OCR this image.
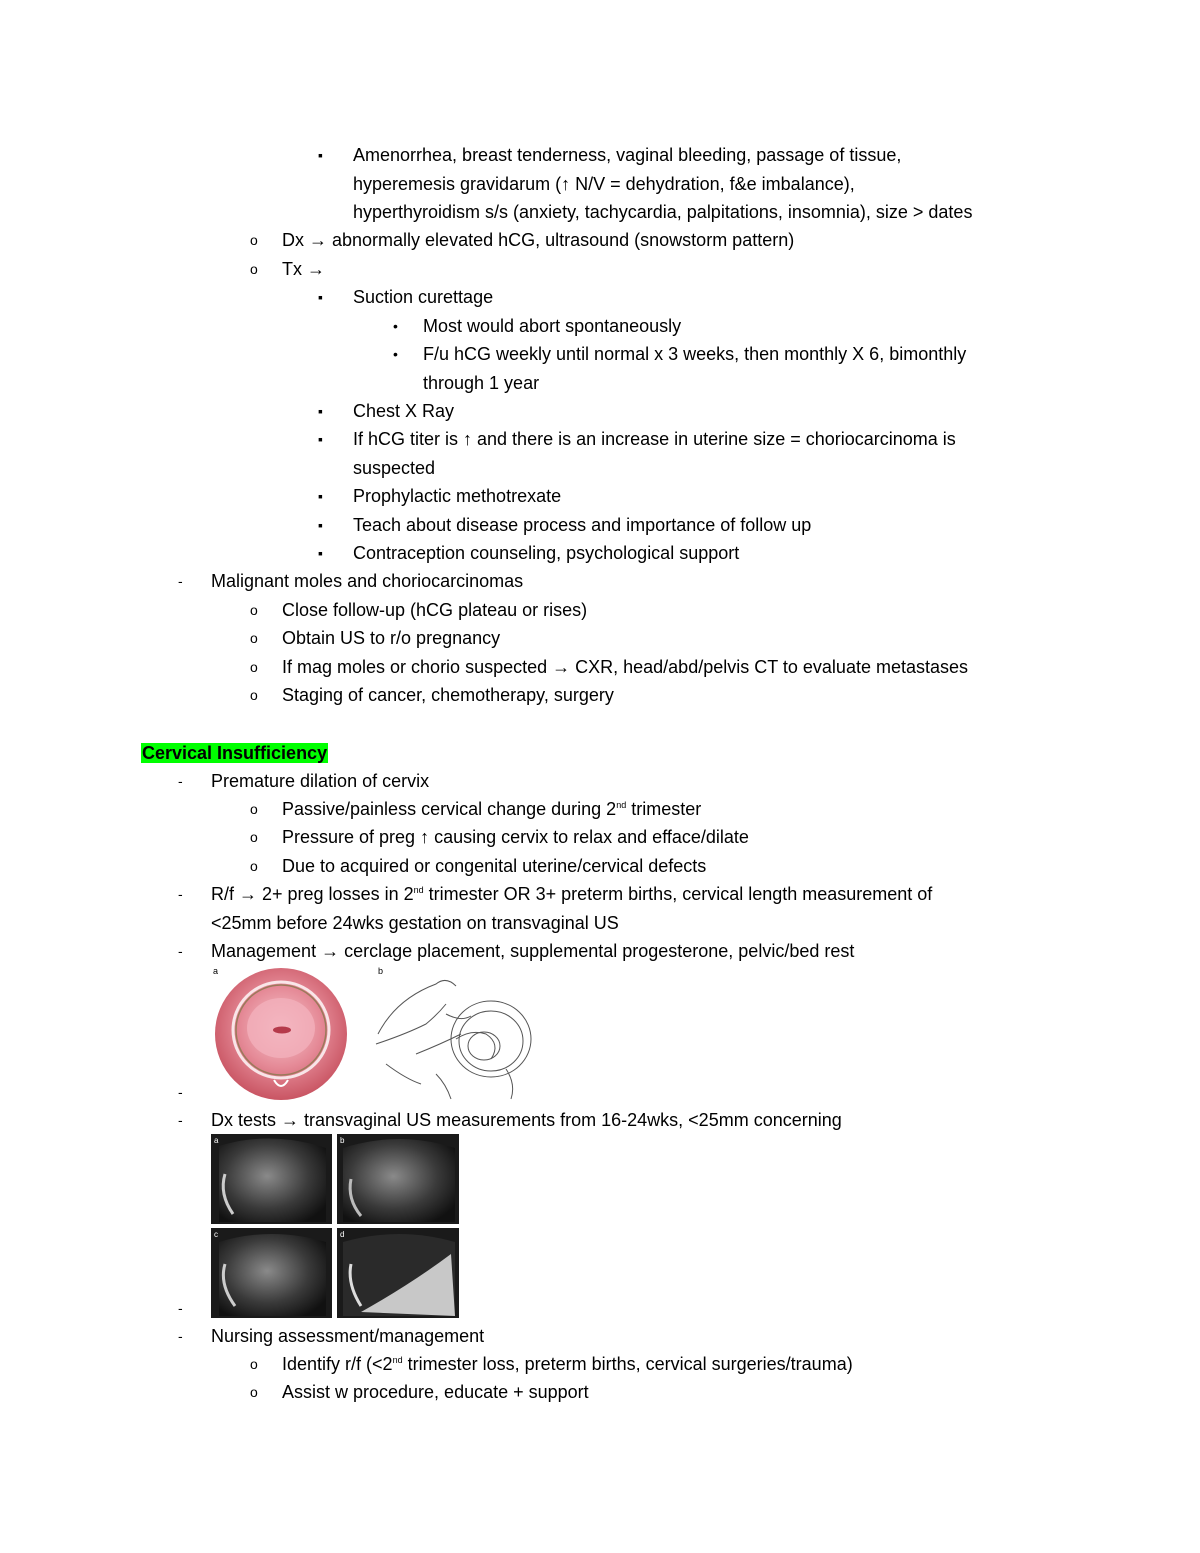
▪ Amenorrhea, breast tenderness, vaginal bleeding, passage of tissue,
hyperemesis gravidarum (↑ N/V = dehydration, f&e imbalance),
hyperthyroidism s/s (anxiety, tachycardia, palpitations, insomnia), size > dates
o Dx → abnormally elevated hCG, ultrasound (snowstorm pattern)
o Tx →
▪ Suction curettage
• Most would abort spontaneously
• F/u hCG weekly until normal x 3 weeks, then monthly X 6, bimonthly
through 1 year
▪ Chest X Ray
▪ If hCG titer is ↑ and there is an increase in uterine size = choriocarcinoma is
suspected
▪ Prophylactic methotrexate
▪ Teach about disease process and importance of follow up
▪ Contraception counseling, psychological support
- Malignant moles and choriocarcinomas
o Close follow-up (hCG plateau or rises)
o Obtain US to r/o pregnancy
o If mag moles or chorio suspected → CXR, head/abd/pelvis CT to evaluate metastases
o Staging of cancer, chemotherapy, surgery
Cervical Insufficiency
- Premature dilation of cervix
o Passive/painless cervical change during 2nd trimester
o Pressure of preg ↑ causing cervix to relax and efface/dilate
o Due to acquired or congenital uterine/cervical defects
- R/f → 2+ preg losses in 2nd trimester OR 3+ preterm births, cervical length measurement of
<25mm before 24wks gestation on transvaginal US
- Management → cerclage placement, supplemental progesterone, pelvic/bed rest
a	b
-
- Dx tests → transvaginal US measurements from 16-24wks, <25mm concerning
a	b
c	d
-
- Nursing assessment/management
o Identify r/f (<2nd trimester loss, preterm births, cervical surgeries/trauma)
o Assist w procedure, educate + support
